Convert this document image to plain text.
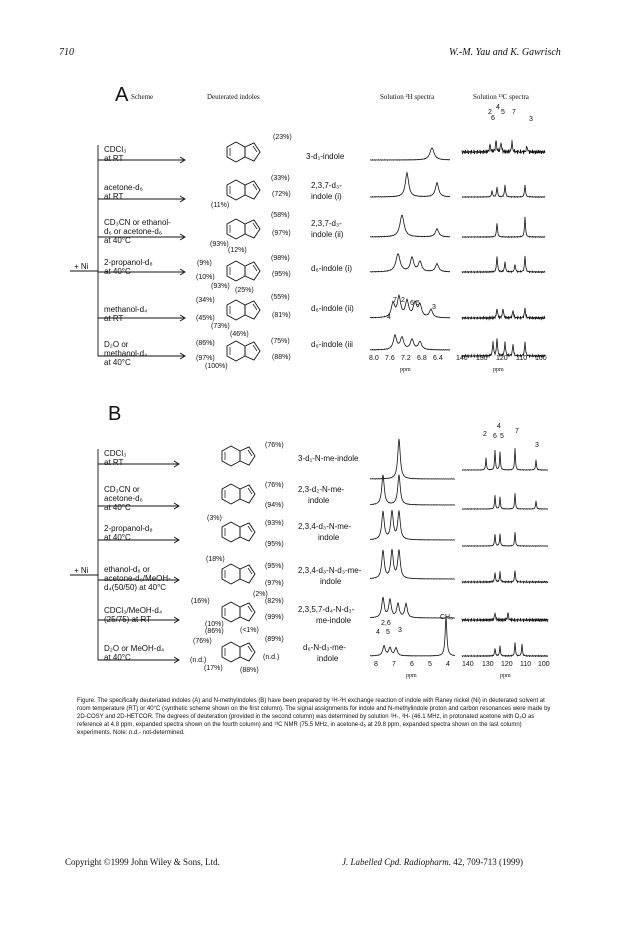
710	W.-M. Yau and K. Gawrisch
A Scheme	Deuterated indoles	Solution ²H spectra	Solution ¹³C spectra
CDCl₃
at RT
acetone-d₆
at RT
CD₃CN or ethanol-
d₆ or acetone-d₆
at 40°C
2-propanol-d₈
at 40°C
methanol-d₄
at RT
D₂O or
methanol-d₄
at 40°C
+ Ni
3-d₁-indole
2,3,7-d₃-
indole (i)
2,3,7-d₃-
indole (ii)
d₆-indole (i)
d₆-indole (ii)
d₆-indole (iii
(23%)
(33%)
(72%)
(11%)
(58%)
(97%)
(93%)
(12%)
(98%)
(9%)
(95%)
(10%)
(93%)
(25%)
(55%)
(34%)
(81%)
(45%)
(73%)
(46%)
(75%)
(86%)
(88%)
(97%)
(100%)
7 2 6 5
4
3
2
4
6
5 7
3
8.0 7.6 7.2 6.8 6.4
ppm
140 130 120 110 100
ppm
B
CDCl₃
at RT
CD₃CN or
acetone-d₆
at 40°C
2-propanol-d₈
at 40°C
ethanol-d₆ or
acetone-d₆/MeOH-
d₄(50/50) at 40°C
CDCl₃/MeOH-d₄
(25/75) at RT
D₂O or MeOH-d₄
at 40°C
+ Ni
3-d₁-N-me-indole
2,3-d₂-N-me-
indole
2,3,4-d₃-N-me-
indole
2,3,4-d₃-N-d₃-me-
indole
2,3,5,7-d₄-N-d₃-
me-indole
d₆-N-d₃-me-
indole
(76%)
(76%)
(94%)
(93%)
(3%)
(95%)
(95%)
(18%)
(97%)
(2%)
(82%)
(16%)
(99%)
(10%)
(86%) (<1%)
(89%)
(76%)
(n.d.)
(n.d.)
(17%) (88%)
4
2 6 5
7
3
2,6
4 5 3
CH₃
8 7 6 5 4
ppm
140 130 120 110 100
ppm
Figure. The specifically deuteriated indoles (A) and N-methylindoles (B) have been prepared by ¹H-²H exchange reaction of indole with Raney nickel (Ni) in deuterated solvent at room temperature (RT) or 40°C (synthetic scheme shown on the first column). The signal assignments for indole and N-methylindole proton and carbon resonances were made by 2D-COSY and 2D-HETCOR. The degrees of deuteration (provided in the second column) was determined by solution ¹H-, ²H- (46.1 MHz, in protonated acetone with D₂O as reference at 4.8 ppm, expanded spectra shown on the fourth column) and ¹³C NMR (75.5 MHz, in acetone-d₆ at 29.8 ppm, expanded spectra shown on the last column) experiments. Note: n.d.- not-determined.
Copyright ©1999 John Wiley & Sons, Ltd.	J. Labelled Cpd. Radiopharm. 42, 709-713 (1999)
